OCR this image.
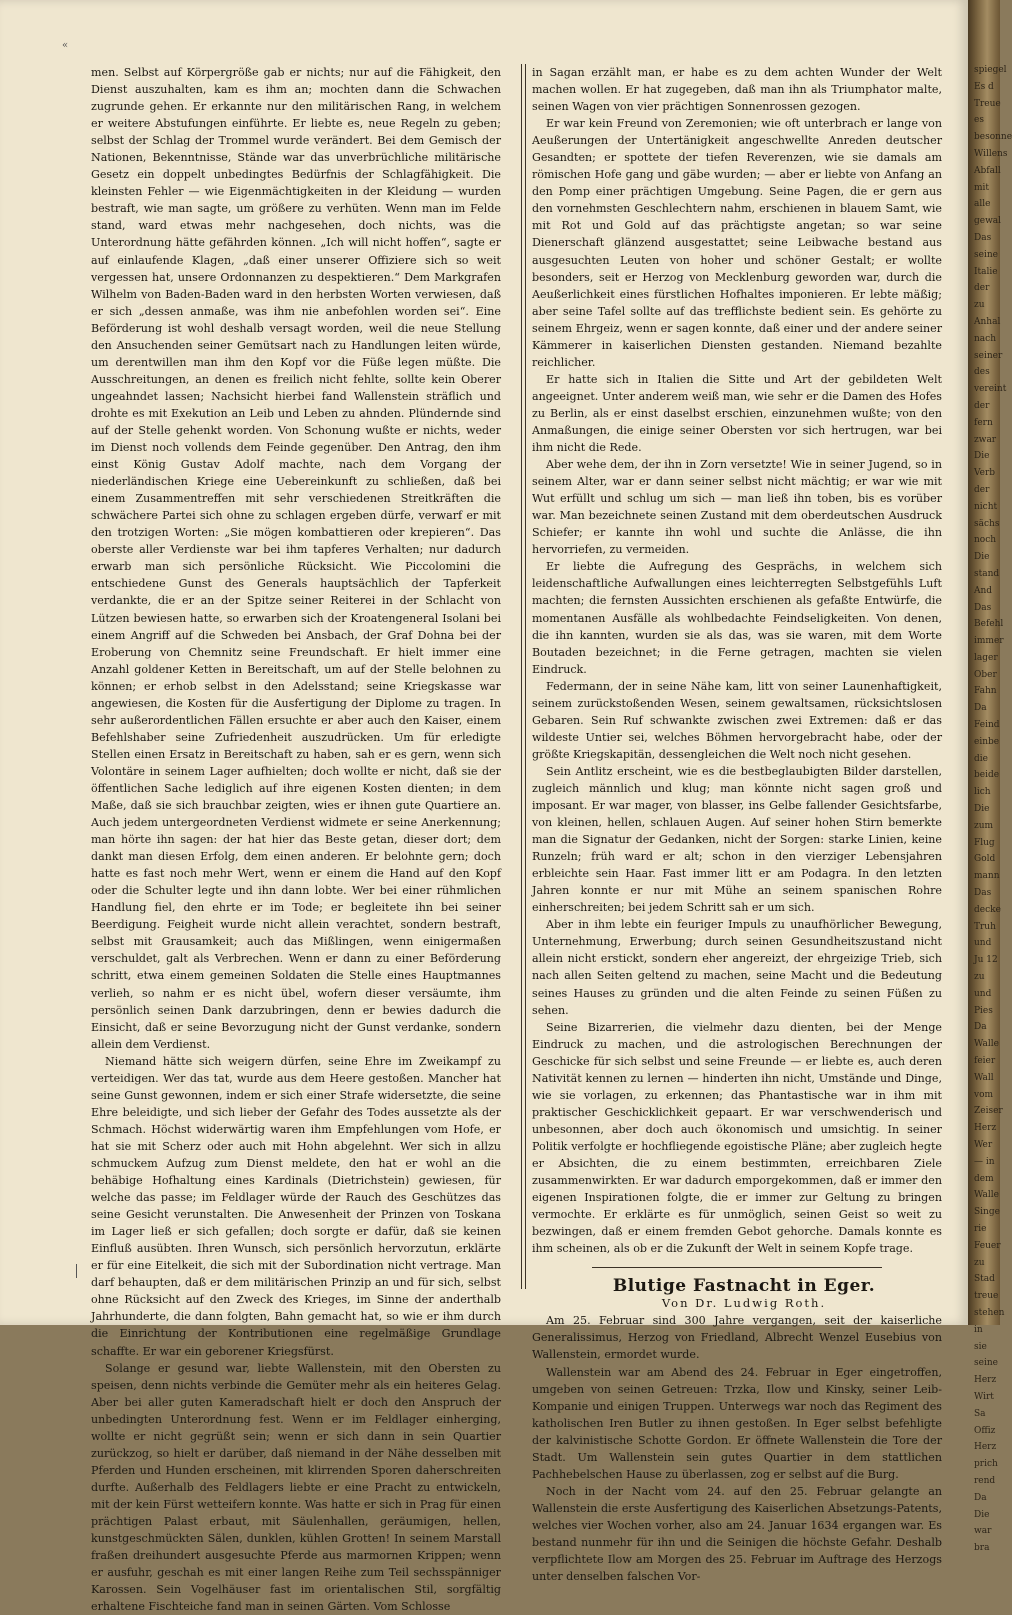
«

men. Selbst auf Körpergröße gab er nichts; nur auf die Fähigkeit, den Dienst auszuhalten, kam es ihm an; mochten dann die Schwachen zugrunde gehen. Er erkannte nur den militärischen Rang, in welchem er weitere Abstufungen einführte. Er liebte es, neue Regeln zu geben; selbst der Schlag der Trommel wurde verändert. Bei dem Gemisch der Nationen, Bekenntnisse, Stände war das unverbrüchliche militärische Gesetz ein doppelt unbedingtes Bedürfnis der Schlagfähigkeit. Die kleinsten Fehler — wie Eigenmächtigkeiten in der Kleidung — wurden bestraft, wie man sagte, um größere zu verhüten. Wenn man im Felde stand, ward etwas mehr nachgesehen, doch nichts, was die Unterordnung hätte gefährden können. „Ich will nicht hoffen“, sagte er auf einlaufende Klagen, „daß einer unserer Offiziere sich so weit vergessen hat, unsere Ordonnanzen zu despektieren.“ Dem Markgrafen Wilhelm von Baden-Baden ward in den herbsten Worten verwiesen, daß er sich „dessen anmaße, was ihm nie anbefohlen worden sei“. Eine Beförderung ist wohl deshalb versagt worden, weil die neue Stellung den Ansuchenden seiner Gemütsart nach zu Handlungen leiten würde, um derentwillen man ihm den Kopf vor die Füße legen müßte. Die Ausschreitungen, an denen es freilich nicht fehlte, sollte kein Oberer ungeahndet lassen; Nachsicht hierbei fand Wallenstein sträflich und drohte es mit Exekution an Leib und Leben zu ahnden. Plündernde sind auf der Stelle gehenkt worden. Von Schonung wußte er nichts, weder im Dienst noch vollends dem Feinde gegenüber. Den Antrag, den ihm einst König Gustav Adolf machte, nach dem Vorgang der niederländischen Kriege eine Uebereinkunft zu schließen, daß bei einem Zusammentreffen mit sehr verschiedenen Streitkräften die schwächere Partei sich ohne zu schlagen ergeben dürfe, verwarf er mit den trotzigen Worten: „Sie mögen kombattieren oder krepieren“. Das oberste aller Verdienste war bei ihm tapferes Verhalten; nur dadurch erwarb man sich persönliche Rücksicht. Wie Piccolomini die entschiedene Gunst des Generals hauptsächlich der Tapferkeit verdankte, die er an der Spitze seiner Reiterei in der Schlacht von Lützen bewiesen hatte, so erwarben sich der Kroatengeneral Isolani bei einem Angriff auf die Schweden bei Ansbach, der Graf Dohna bei der Eroberung von Chemnitz seine Freundschaft. Er hielt immer eine Anzahl goldener Ketten in Bereitschaft, um auf der Stelle belohnen zu können; er erhob selbst in den Adelsstand; seine Kriegskasse war angewiesen, die Kosten für die Ausfertigung der Diplome zu tragen. In sehr außerordentlichen Fällen ersuchte er aber auch den Kaiser, einem Befehlshaber seine Zufriedenheit auszudrücken. Um für erledigte Stellen einen Ersatz in Bereitschaft zu haben, sah er es gern, wenn sich Volontäre in seinem Lager aufhielten; doch wollte er nicht, daß sie der öffentlichen Sache lediglich auf ihre eigenen Kosten dienten; in dem Maße, daß sie sich brauchbar zeigten, wies er ihnen gute Quartiere an. Auch jedem untergeordneten Verdienst widmete er seine Anerkennung; man hörte ihn sagen: der hat hier das Beste getan, dieser dort; dem dankt man diesen Erfolg, dem einen anderen. Er belohnte gern; doch hatte es fast noch mehr Wert, wenn er einem die Hand auf den Kopf oder die Schulter legte und ihn dann lobte. Wer bei einer rühmlichen Handlung fiel, den ehrte er im Tode; er begleitete ihn bei seiner Beerdigung. Feigheit wurde nicht allein verachtet, sondern bestraft, selbst mit Grausamkeit; auch das Mißlingen, wenn einigermaßen verschuldet, galt als Verbrechen. Wenn er dann zu einer Beförderung schritt, etwa einem gemeinen Soldaten die Stelle eines Hauptmannes verlieh, so nahm er es nicht übel, wofern dieser versäumte, ihm persönlich seinen Dank darzubringen, denn er bewies dadurch die Einsicht, daß er seine Bevorzugung nicht der Gunst verdanke, sondern allein dem Verdienst.

Niemand hätte sich weigern dürfen, seine Ehre im Zweikampf zu verteidigen. Wer das tat, wurde aus dem Heere gestoßen. Mancher hat seine Gunst gewonnen, indem er sich einer Strafe widersetzte, die seine Ehre beleidigte, und sich lieber der Gefahr des Todes aussetzte als der Schmach. Höchst widerwärtig waren ihm Empfehlungen vom Hofe, er hat sie mit Scherz oder auch mit Hohn abgelehnt. Wer sich in allzu schmuckem Aufzug zum Dienst meldete, den hat er wohl an die behäbige Hofhaltung eines Kardinals (Dietrichstein) gewiesen, für welche das passe; im Feldlager würde der Rauch des Geschützes das seine Gesicht verunstalten. Die Anwesenheit der Prinzen von Toskana im Lager ließ er sich gefallen; doch sorgte er dafür, daß sie keinen Einfluß ausübten. Ihren Wunsch, sich persönlich hervorzutun, erklärte er für eine Eitelkeit, die sich mit der Subordination nicht vertrage. Man darf behaupten, daß er dem militärischen Prinzip an und für sich, selbst ohne Rücksicht auf den Zweck des Krieges, im Sinne der anderthalb Jahrhunderte, die dann folgten, Bahn gemacht hat, so wie er ihm durch die Einrichtung der Kontributionen eine regelmäßige Grundlage schaffte. Er war ein geborener Kriegsfürst.

Solange er gesund war, liebte Wallenstein, mit den Obersten zu speisen, denn nichts verbinde die Gemüter mehr als ein heiteres Gelag. Aber bei aller guten Kameradschaft hielt er doch den Anspruch der unbedingten Unterordnung fest. Wenn er im Feldlager einherging, wollte er nicht gegrüßt sein; wenn er sich dann in sein Quartier zurückzog, so hielt er darüber, daß niemand in der Nähe desselben mit Pferden und Hunden erscheinen, mit klirrenden Sporen daherschreiten durfte. Außerhalb des Feldlagers liebte er eine Pracht zu entwickeln, mit der kein Fürst wetteifern konnte. Was hatte er sich in Prag für einen prächtigen Palast erbaut, mit Säulenhallen, geräumigen, hellen, kunstgeschmückten Sälen, dunklen, kühlen Grotten! In seinem Marstall fraßen dreihundert ausgesuchte Pferde aus marmornen Krippen; wenn er ausfuhr, geschah es mit einer langen Reihe zum Teil sechsspänniger Karossen. Sein Vogelhäuser fast im orientalischen Stil, sorgfältig erhaltene Fischteiche fand man in seinen Gärten. Vom Schlosse

in Sagan erzählt man, er habe es zu dem achten Wunder der Welt machen wollen. Er hat zugegeben, daß man ihn als Triumphator malte, seinen Wagen von vier prächtigen Sonnenrossen gezogen.

Er war kein Freund von Zeremonien; wie oft unterbrach er lange von Aeußerungen der Untertänigkeit angeschwellte Anreden deutscher Gesandten; er spottete der tiefen Reverenzen, wie sie damals am römischen Hofe gang und gäbe wurden; — aber er liebte von Anfang an den Pomp einer prächtigen Umgebung. Seine Pagen, die er gern aus den vornehmsten Geschlechtern nahm, erschienen in blauem Samt, wie mit Rot und Gold auf das prächtigste angetan; so war seine Dienerschaft glänzend ausgestattet; seine Leibwache bestand aus ausgesuchten Leuten von hoher und schöner Gestalt; er wollte besonders, seit er Herzog von Mecklenburg geworden war, durch die Aeußerlichkeit eines fürstlichen Hofhaltes imponieren. Er lebte mäßig; aber seine Tafel sollte auf das trefflichste bedient sein. Es gehörte zu seinem Ehrgeiz, wenn er sagen konnte, daß einer und der andere seiner Kämmerer in kaiserlichen Diensten gestanden. Niemand bezahlte reichlicher.

Er hatte sich in Italien die Sitte und Art der gebildeten Welt angeeignet. Unter anderem weiß man, wie sehr er die Damen des Hofes zu Berlin, als er einst daselbst erschien, einzunehmen wußte; von den Anmaßungen, die einige seiner Obersten vor sich hertrugen, war bei ihm nicht die Rede.

Aber wehe dem, der ihn in Zorn versetzte! Wie in seiner Jugend, so in seinem Alter, war er dann seiner selbst nicht mächtig; er war wie mit Wut erfüllt und schlug um sich — man ließ ihn toben, bis es vorüber war. Man bezeichnete seinen Zustand mit dem oberdeutschen Ausdruck Schiefer; er kannte ihn wohl und suchte die Anlässe, die ihn hervorriefen, zu vermeiden.

Er liebte die Aufregung des Gesprächs, in welchem sich leidenschaftliche Aufwallungen eines leichterregten Selbstgefühls Luft machten; die fernsten Aussichten erschienen als gefaßte Entwürfe, die momentanen Ausfälle als wohlbedachte Feindseligkeiten. Von denen, die ihn kannten, wurden sie als das, was sie waren, mit dem Worte Boutaden bezeichnet; in die Ferne getragen, machten sie vielen Eindruck.

Federmann, der in seine Nähe kam, litt von seiner Launenhaftigkeit, seinem zurückstoßenden Wesen, seinem gewaltsamen, rücksichtslosen Gebaren. Sein Ruf schwankte zwischen zwei Extremen: daß er das wildeste Untier sei, welches Böhmen hervorgebracht habe, oder der größte Kriegskapitän, dessengleichen die Welt noch nicht gesehen.

Sein Antlitz erscheint, wie es die bestbeglaubigten Bilder darstellen, zugleich männlich und klug; man könnte nicht sagen groß und imposant. Er war mager, von blasser, ins Gelbe fallender Gesichtsfarbe, von kleinen, hellen, schlauen Augen. Auf seiner hohen Stirn bemerkte man die Signatur der Gedanken, nicht der Sorgen: starke Linien, keine Runzeln; früh ward er alt; schon in den vierziger Lebensjahren erbleichte sein Haar. Fast immer litt er am Podagra. In den letzten Jahren konnte er nur mit Mühe an seinem spanischen Rohre einherschreiten; bei jedem Schritt sah er um sich.

Aber in ihm lebte ein feuriger Impuls zu unaufhörlicher Bewegung, Unternehmung, Erwerbung; durch seinen Gesundheitszustand nicht allein nicht erstickt, sondern eher angereizt, der ehrgeizige Trieb, sich nach allen Seiten geltend zu machen, seine Macht und die Bedeutung seines Hauses zu gründen und die alten Feinde zu seinen Füßen zu sehen.

Seine Bizarrerien, die vielmehr dazu dienten, bei der Menge Eindruck zu machen, und die astrologischen Berechnungen der Geschicke für sich selbst und seine Freunde — er liebte es, auch deren Nativität kennen zu lernen — hinderten ihn nicht, Umstände und Dinge, wie sie vorlagen, zu erkennen; das Phantastische war in ihm mit praktischer Geschicklichkeit gepaart. Er war verschwenderisch und unbesonnen, aber doch auch ökonomisch und umsichtig. In seiner Politik verfolgte er hochfliegende egoistische Pläne; aber zugleich hegte er Absichten, die zu einem bestimmten, erreichbaren Ziele zusammenwirkten. Er war dadurch emporgekommen, daß er immer den eigenen Inspirationen folgte, die er immer zur Geltung zu bringen vermochte. Er erklärte es für unmöglich, seinen Geist so weit zu bezwingen, daß er einem fremden Gebot gehorche. Damals konnte es ihm scheinen, als ob er die Zukunft der Welt in seinem Kopfe trage.

Blutige Fastnacht in Eger.

Von Dr. Ludwig Roth.

Am 25. Februar sind 300 Jahre vergangen, seit der kaiserliche Generalissimus, Herzog von Friedland, Albrecht Wenzel Eusebius von Wallenstein, ermordet wurde.

Wallenstein war am Abend des 24. Februar in Eger eingetroffen, umgeben von seinen Getreuen: Trzka, Ilow und Kinsky, seiner Leib-Kompanie und einigen Truppen. Unterwegs war noch das Regiment des katholischen Iren Butler zu ihnen gestoßen. In Eger selbst befehligte der kalvinistische Schotte Gordon. Er öffnete Wallenstein die Tore der Stadt. Um Wallenstein sein gutes Quartier in dem stattlichen Pachhebelschen Hause zu überlassen, zog er selbst auf die Burg.

Noch in der Nacht vom 24. auf den 25. Februar gelangte an Wallenstein die erste Ausfertigung des Kaiserlichen Absetzungs-Patents, welches vier Wochen vorher, also am 24. Januar 1634 ergangen war. Es bestand nunmehr für ihn und die Seinigen die höchste Gefahr. Deshalb verpflichtete Ilow am Morgen des 25. Februar im Auftrage des Herzogs unter denselben falschen Vor-

spiegel
Es d
Treue
es
besonne
Willens
Abfall
mit
alle
gewal
Das
seine
Italie
der
zu
Anhal
nach
seiner
des
vereint
der
fern
zwar
Die
Verb
der
nicht
sächs
noch
Die
stand
And
Das
Befehl
immer
lager
Ober
Fahn
Da
Feind
einbe
die
beide
lich
Die
zum
Flug
Gold
mann
Das
decke
Truh
und
Ju 12
zu
und
Pies
Da
Walle
feier
Wall
vom
Zeiser
Herz
Wer
— in
dem
Walle
Singe
rie
Feuer
zu
Stad
treue
stehen
in
sie
seine
Herz
Wirt
Sa
Offiz
Herz
prich
rend
Da
Die
war
bra
